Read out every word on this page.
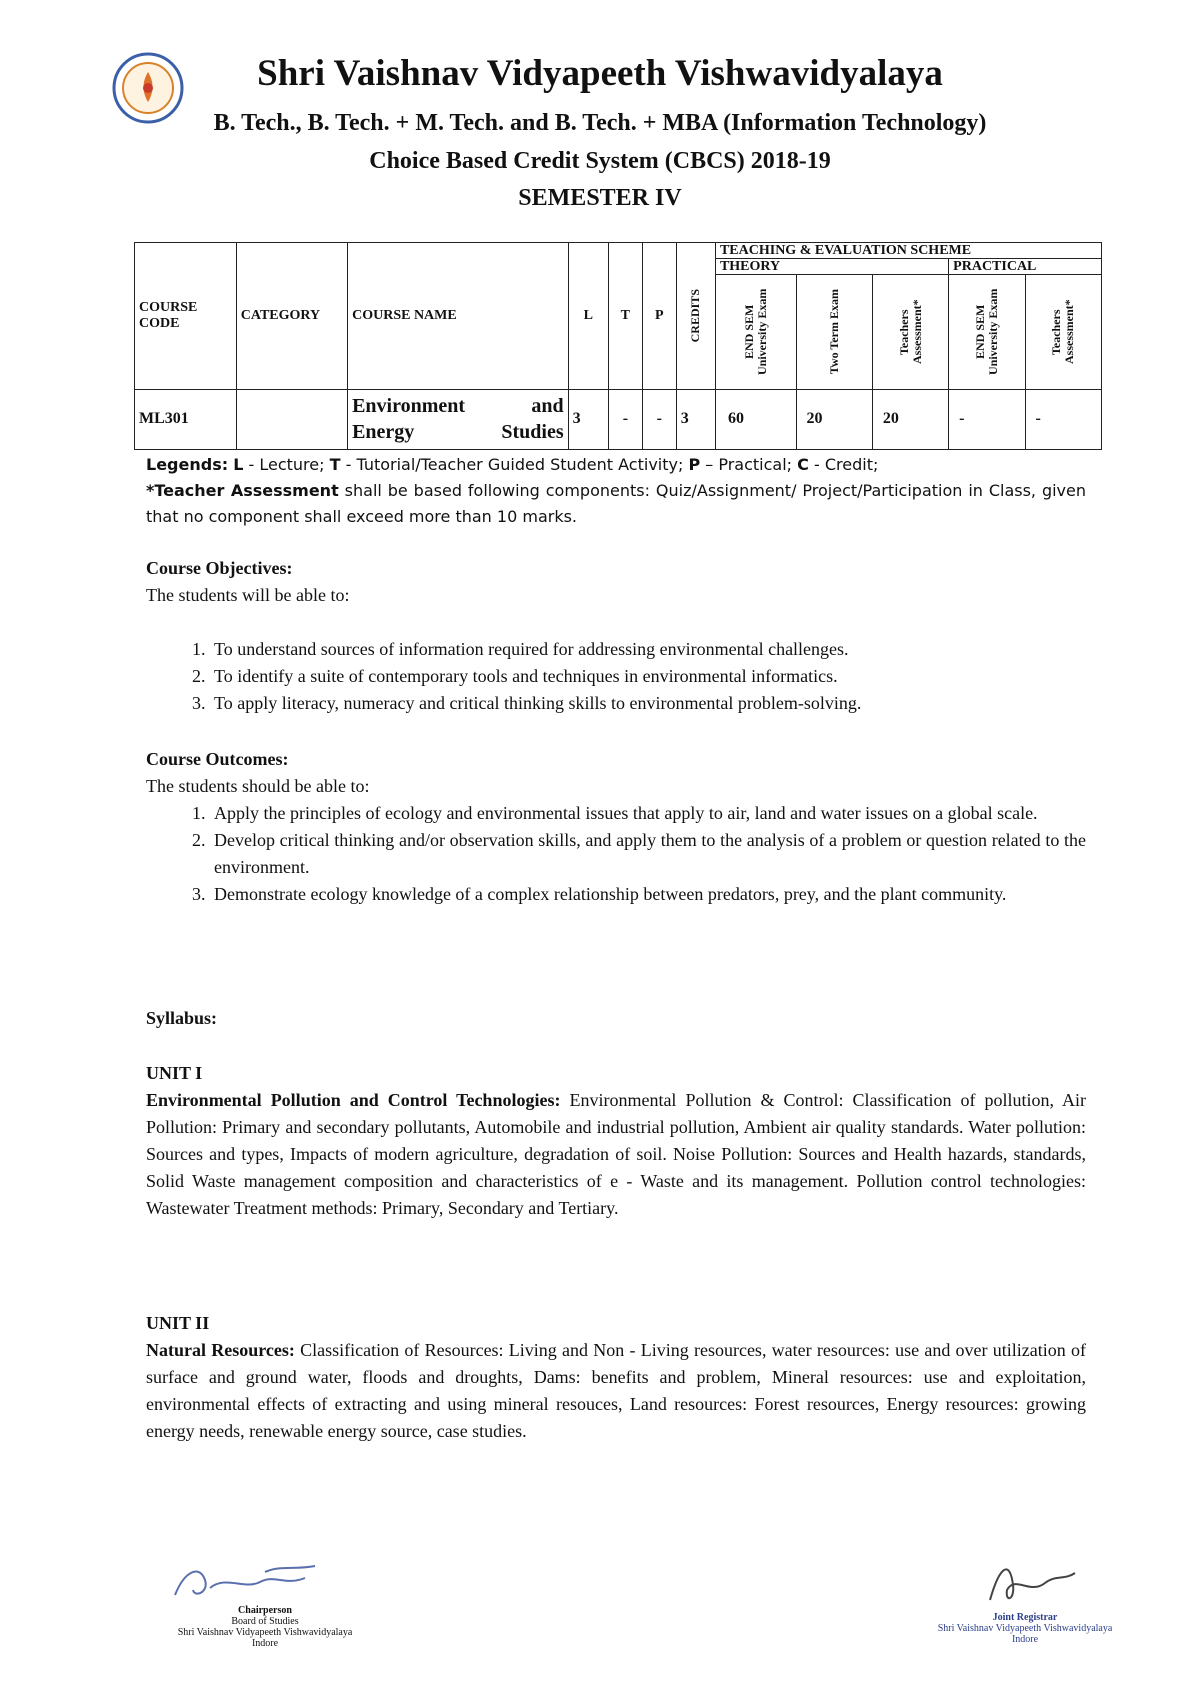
Shri Vaishnav Vidyapeeth Vishwavidyalaya
B. Tech., B. Tech. + M. Tech. and B. Tech. + MBA (Information Technology)
Choice Based Credit System (CBCS) 2018-19
SEMESTER IV
COURSE CODE	CATEGORY	COURSE NAME	L	T	P	CREDITS	TEACHING & EVALUATION SCHEME				
							THEORY			PRACTICAL	

							END SEM University Exam	Two Term Exam	Teachers Assessment*	END SEM University Exam	Teachers Assessment*

ML301		Environment and Energy Studies	3	-	-	3	60	20	20	-	-
Legends: L - Lecture; T - Tutorial/Teacher Guided Student Activity; P – Practical; C - Credit;
*Teacher Assessment shall be based following components: Quiz/Assignment/ Project/Participation in Class, given that no component shall exceed more than 10 marks.
Course Objectives:
The students will be able to:
1. To understand sources of information required for addressing environmental challenges.
2. To identify a suite of contemporary tools and techniques in environmental informatics.
3. To apply literacy, numeracy and critical thinking skills to environmental problem-solving.
Course Outcomes:
The students should be able to:
1. Apply the principles of ecology and environmental issues that apply to air, land and water issues on a global scale.
2. Develop critical thinking and/or observation skills, and apply them to the analysis of a problem or question related to the environment.
3. Demonstrate ecology knowledge of a complex relationship between predators, prey, and the plant community.
Syllabus:
UNIT I
Environmental Pollution and Control Technologies: Environmental Pollution & Control: Classification of pollution, Air Pollution: Primary and secondary pollutants, Automobile and industrial pollution, Ambient air quality standards. Water pollution: Sources and types, Impacts of modern agriculture, degradation of soil. Noise Pollution: Sources and Health hazards, standards, Solid Waste management composition and characteristics of e - Waste and its management. Pollution control technologies: Wastewater Treatment methods: Primary, Secondary and Tertiary.
UNIT II
Natural Resources: Classification of Resources: Living and Non - Living resources, water resources: use and over utilization of surface and ground water, floods and droughts, Dams: benefits and problem, Mineral resources: use and exploitation, environmental effects of extracting and using mineral resouces, Land resources: Forest resources, Energy resources: growing energy needs, renewable energy source, case studies.
Chairperson
Board of Studies
Shri Vaishnav Vidyapeeth Vishwavidyalaya
Indore
Joint Registrar
Shri Vaishnav Vidyapeeth Vishwavidyalaya
Indore
